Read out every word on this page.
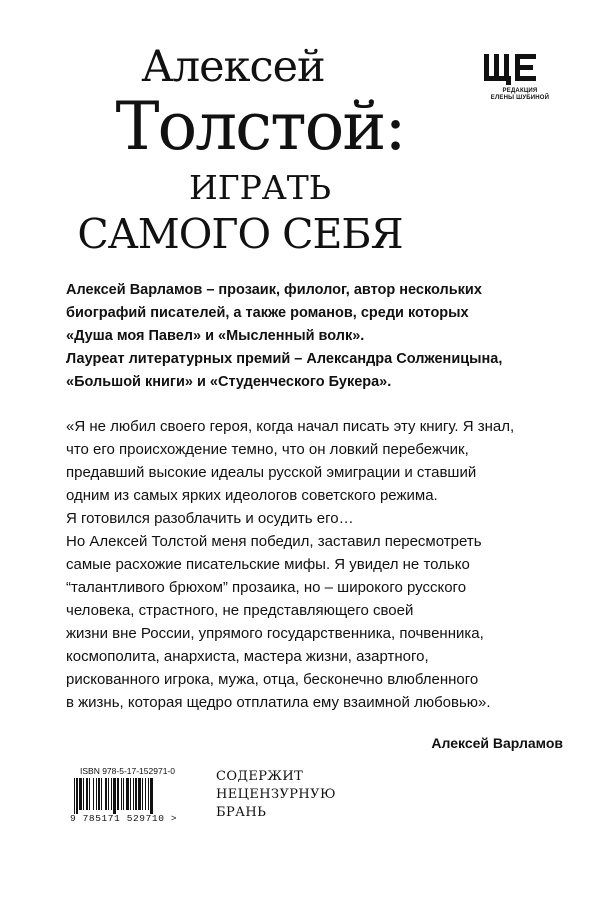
Алексей
Толстой:
ИГРАТЬ
САМОГО СЕБЯ
РЕДАКЦИЯ
ЕЛЕНЫ ШУБИНОЙ
Алексей Варламов – прозаик, филолог, автор нескольких
биографий писателей, а также романов, среди которых
«Душа моя Павел» и «Мысленный волк».
Лауреат литературных премий – Александра Солженицына,
«Большой книги» и «Студенческого Букера».
«Я не любил своего героя, когда начал писать эту книгу. Я знал,
что его происхождение темно, что он ловкий перебежчик,
предавший высокие идеалы русской эмиграции и ставший
одним из самых ярких идеологов советского режима.
Я готовился разоблачить и осудить его…
Но Алексей Толстой меня победил, заставил пересмотреть
самые расхожие писательские мифы. Я увидел не только
“талантливого брюхом” прозаика, но – широкого русского
человека, страстного, не представляющего своей
жизни вне России, упрямого государственника, почвенника,
космополита, анархиста, мастера жизни, азартного,
рискованного игрока, мужа, отца, бесконечно влюбленного
в жизнь, которая щедро отплатила ему взаимной любовью».
Алексей Варламов
ISBN 978-5-17-152971-0
9 785171 529710 >
СОДЕРЖИТ
НЕЦЕНЗУРНУЮ
БРАНЬ
